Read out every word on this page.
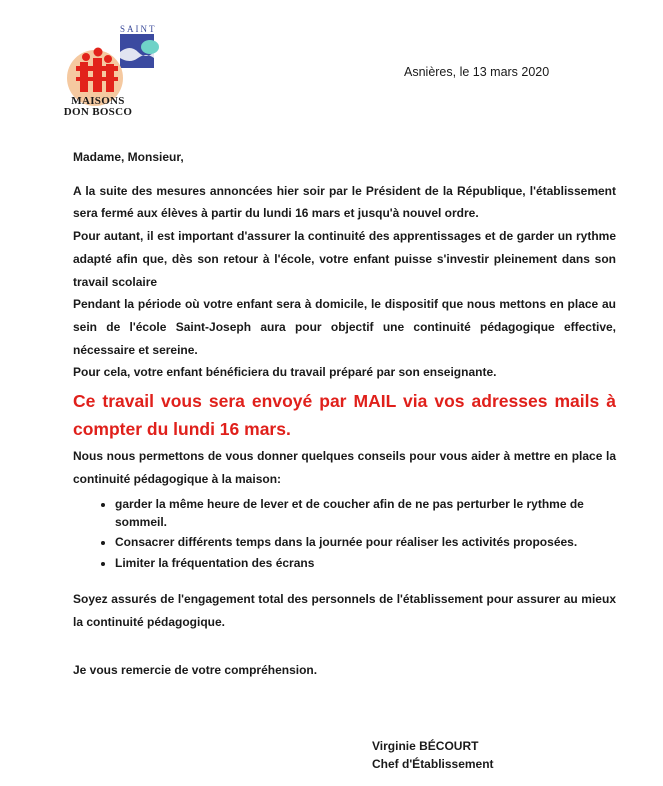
SAINT
MAISONS
DON BOSCO
Asnières, le 13 mars 2020

Madame, Monsieur,

A la suite des mesures annoncées hier soir par le Président de la République, l'établissement sera fermé aux élèves à partir du lundi 16 mars et jusqu'à nouvel ordre.

Pour autant, il est important d'assurer la continuité des apprentissages et de garder un rythme adapté afin que, dès son retour à l'école, votre enfant puisse s'investir pleinement dans son travail scolaire

Pendant la période où votre enfant sera à domicile, le dispositif que nous mettons en place au sein de l'école Saint-Joseph aura pour objectif une continuité pédagogique effective, nécessaire et sereine.

Pour cela, votre enfant bénéficiera du travail préparé par son enseignante.

Ce travail vous sera envoyé par MAIL via vos adresses mails à compter du lundi 16 mars.

Nous nous permettons de vous donner quelques conseils pour vous aider à mettre en place la continuité pédagogique à la maison:

• garder la même heure de lever et de coucher afin de ne pas perturber le rythme de sommeil.
• Consacrer différents temps dans la journée pour réaliser les activités proposées.
• Limiter la fréquentation des écrans

Soyez assurés de l'engagement total des personnels de l'établissement pour assurer au mieux la continuité pédagogique.

Je vous remercie de votre compréhension.

Virginie BÉCOURT
Chef d'Établissement
